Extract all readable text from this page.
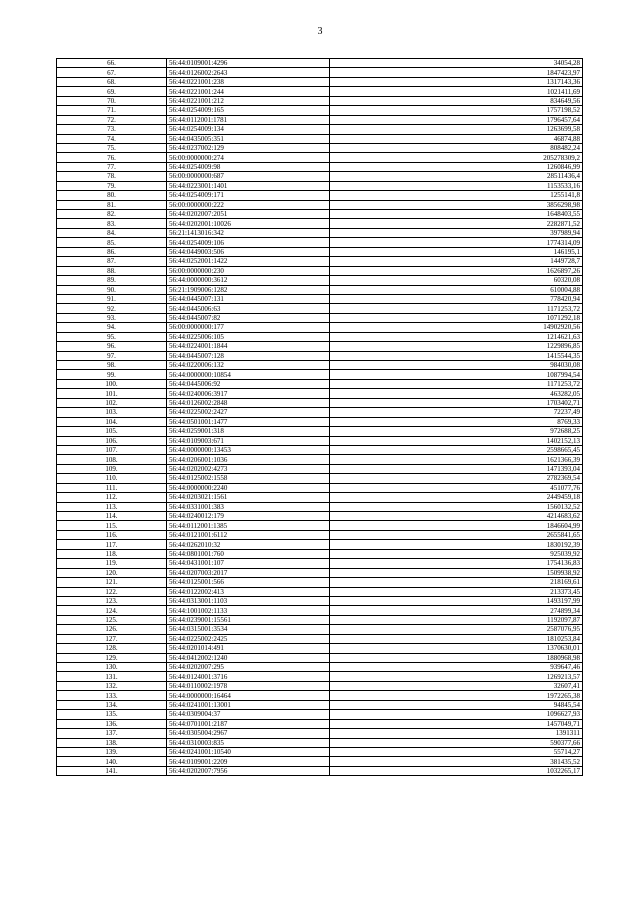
3
66.	56:44:0109001:4296	34054,28
67.	56:44:0126002:2643	1847423,97
68.	56:44:0221001:238	1317143,36
69.	56:44:0221001:244	1021411,69
70.	56:44:0221001:212	834649,56
71.	56:44:0254009:165	1757198,52
72.	56:44:0112001:1781	1796457,64
73.	56:44:0254009:134	1263699,58
74.	56:44:0435005:351	46874,88
75.	56:44:0237002:129	808482,24
76.	56:00:0000000:274	205278309,2
77.	56:44:0254009:98	1260846,99
78.	56:00:0000000:687	28511436,4
79.	56:44:0223001:1401	1153533,16
80.	56:44:0254009:171	1255141,8
81.	56:00:0000000:222	3856298,98
82.	56:44:0202007:2051	1648403,55
83.	56:44:0202001:10026	2282871,52
84.	56:21:1413016:342	397989,94
85.	56:44:0254009:106	1774314,09
86.	56:44:0449003:506	146195,1
87.	56:44:0252001:1422	1449728,7
88.	56:00:0000000:230	1626897,26
89.	56:44:0000000:3612	60320,08
90.	56:21:1909006:1282	610004,88
91.	56:44:0445007:131	778420,94
92.	56:44:0445006:63	1171253,72
93.	56:44:0445007:82	1071292,18
94.	56:00:0000000:177	14902920,56
95.	56:44:0225006:105	1214621,63
96.	56:44:0224001:1844	1229896,85
97.	56:44:0445007:128	1415544,35
98.	56:44:0220006:132	984030,08
99.	56:44:0000000:10854	1087994,54
100.	56:44:0445006:92	1171253,72
101.	56:44:0240006:3917	463282,05
102.	56:44:0126002:2848	1703402,71
103.	56:44:0225002:2427	72237,49
104.	56:44:0501001:1477	8769,33
105.	56:44:0259001:318	972688,25
106.	56:44:0109003:671	1402152,13
107.	56:44:0000000:13453	2598665,45
108.	56:44:0206001:1036	1621366,39
109.	56:44:0202002:4273	1471393,04
110.	56:44:0125002:1558	2782369,54
111.	56:44:0000000:2240	451077,76
112.	56:44:0203021:1561	2449459,18
113.	56:44:0331001:383	1560132,52
114.	56:44:0240012:179	4214683,62
115.	56:44:0112001:1385	1846604,99
116.	56:44:0121001:6112	2655841,65
117.	56:44:0262010:32	1830192,39
118.	56:44:0801001:760	925039,92
119.	56:44:0431001:107	1754136,83
120.	56:44:0207003:2017	1509938,92
121.	56:44:0125001:566	218169,61
122.	56:44:0122002:413	213373,45
123.	56:44:0313001:1103	1493197,99
124.	56:44:1001002:1133	274899,34
125.	56:44:0239001:15561	1192097,87
126.	56:44:0315001:3534	2587076,95
127.	56:44:0225002:2425	1810253,84
128.	56:44:0201014:491	1370630,01
129.	56:44:0412002:1240	1880968,98
130.	56:44:0202007:295	939647,46
131.	56:44:0124001:3716	1269213,57
132.	56:44:0110002:1978	32607,41
133.	56:44:0000000:16464	1972265,38
134.	56:44:0241001:13001	94845,54
135.	56:44:0309004:37	1096627,93
136.	56:44:0701001:2187	1457049,71
137.	56:44:0305004:2967	1391311
138.	56:44:0310003:835	590377,66
139.	56:44:0241001:10540	55714,27
140.	56:44:0109001:2209	381435,52
141.	56:44:0202007:7956	1032265,17
